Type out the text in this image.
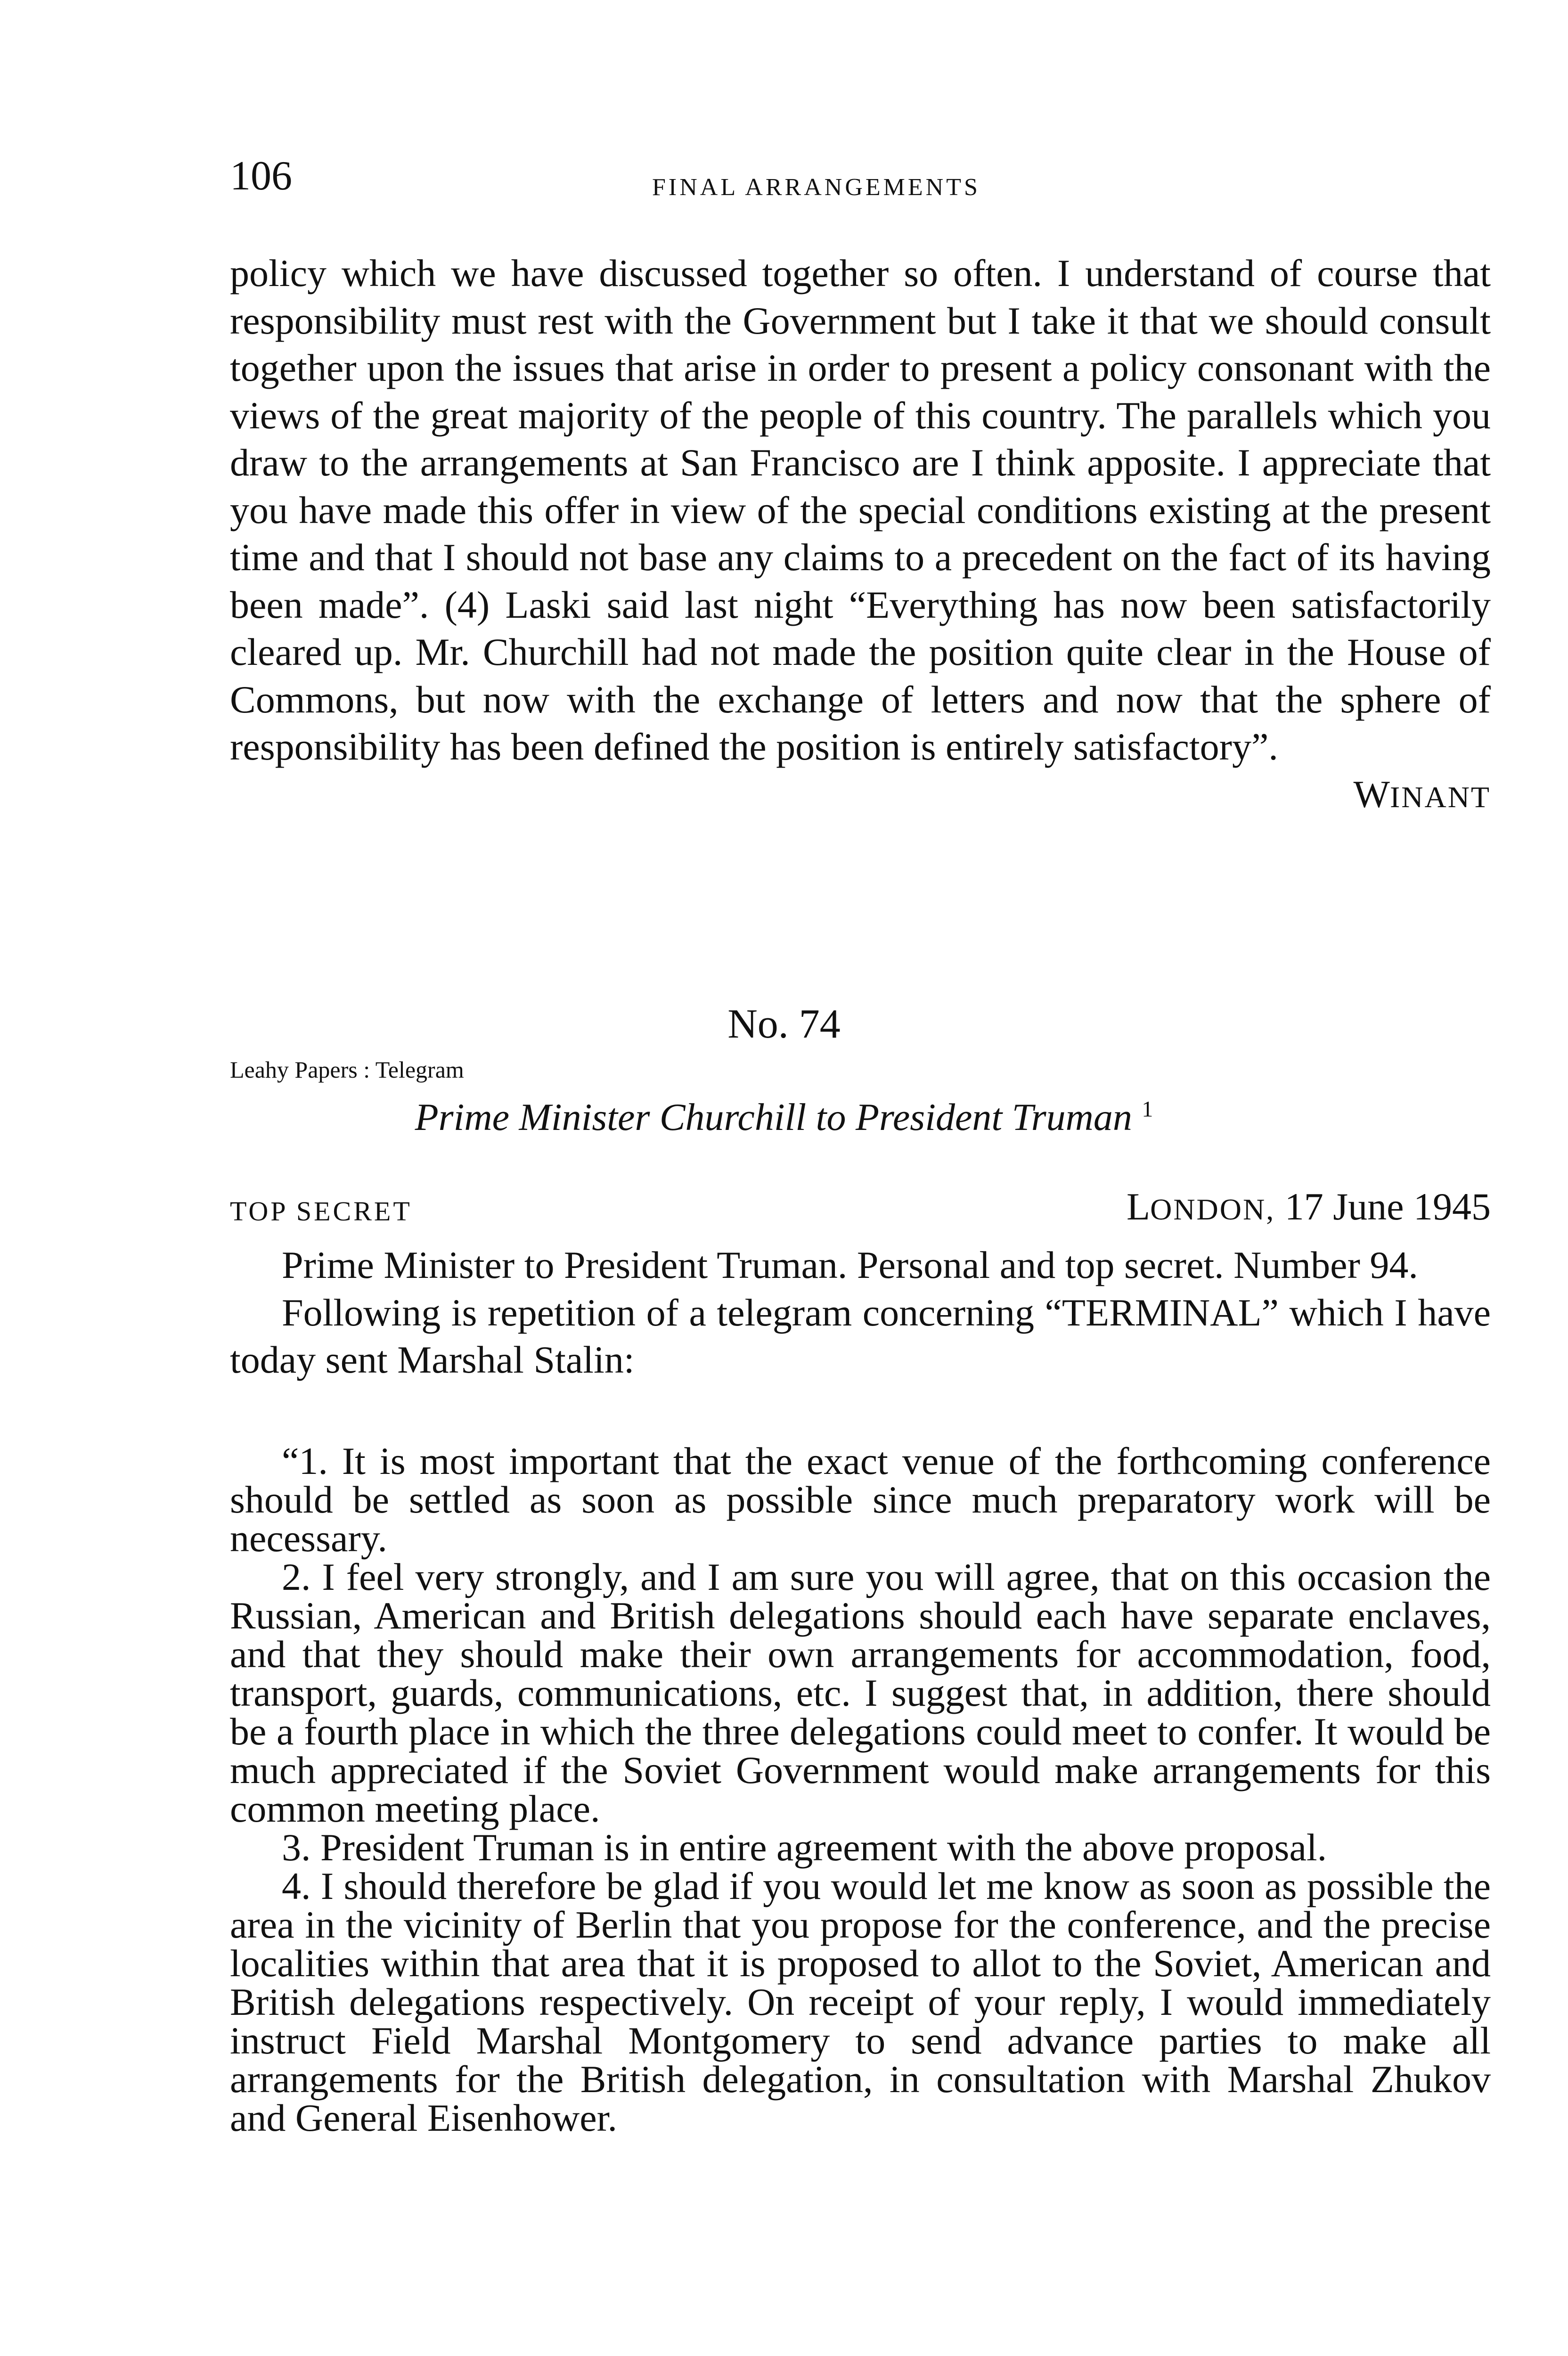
106	FINAL ARRANGEMENTS

policy which we have discussed together so often. I understand of course that responsibility must rest with the Government but I take it that we should consult together upon the issues that arise in order to present a policy consonant with the views of the great majority of the people of this country. The parallels which you draw to the arrangements at San Francisco are I think apposite. I appreciate that you have made this offer in view of the special conditions existing at the present time and that I should not base any claims to a precedent on the fact of its having been made”. (4) Laski said last night “Everything has now been satisfactorily cleared up. Mr. Churchill had not made the position quite clear in the House of Commons, but now with the exchange of letters and now that the sphere of responsibility has been defined the position is entirely satisfactory”.

WINANT

No. 74
Leahy Papers : Telegram
Prime Minister Churchill to President Truman $^1$
TOP SECRET	LONDON, 17 June 1945

Prime Minister to President Truman. Personal and top secret. Number 94.

Following is repetition of a telegram concerning “TERMINAL” which I have today sent Marshal Stalin:

“1. It is most important that the exact venue of the forthcoming conference should be settled as soon as possible since much preparatory work will be necessary.

2. I feel very strongly, and I am sure you will agree, that on this occasion the Russian, American and British delegations should each have separate enclaves, and that they should make their own arrangements for accommodation, food, transport, guards, communications, etc. I suggest that, in addition, there should be a fourth place in which the three delegations could meet to confer. It would be much appreciated if the Soviet Government would make arrangements for this common meeting place.

3. President Truman is in entire agreement with the above proposal.

4. I should therefore be glad if you would let me know as soon as possible the area in the vicinity of Berlin that you propose for the conference, and the precise localities within that area that it is proposed to allot to the Soviet, American and British delegations respectively. On receipt of your reply, I would immediately instruct Field Marshal Montgomery to send advance parties to make all arrangements for the British delegation, in consultation with Marshal Zhukov and General Eisenhower.
